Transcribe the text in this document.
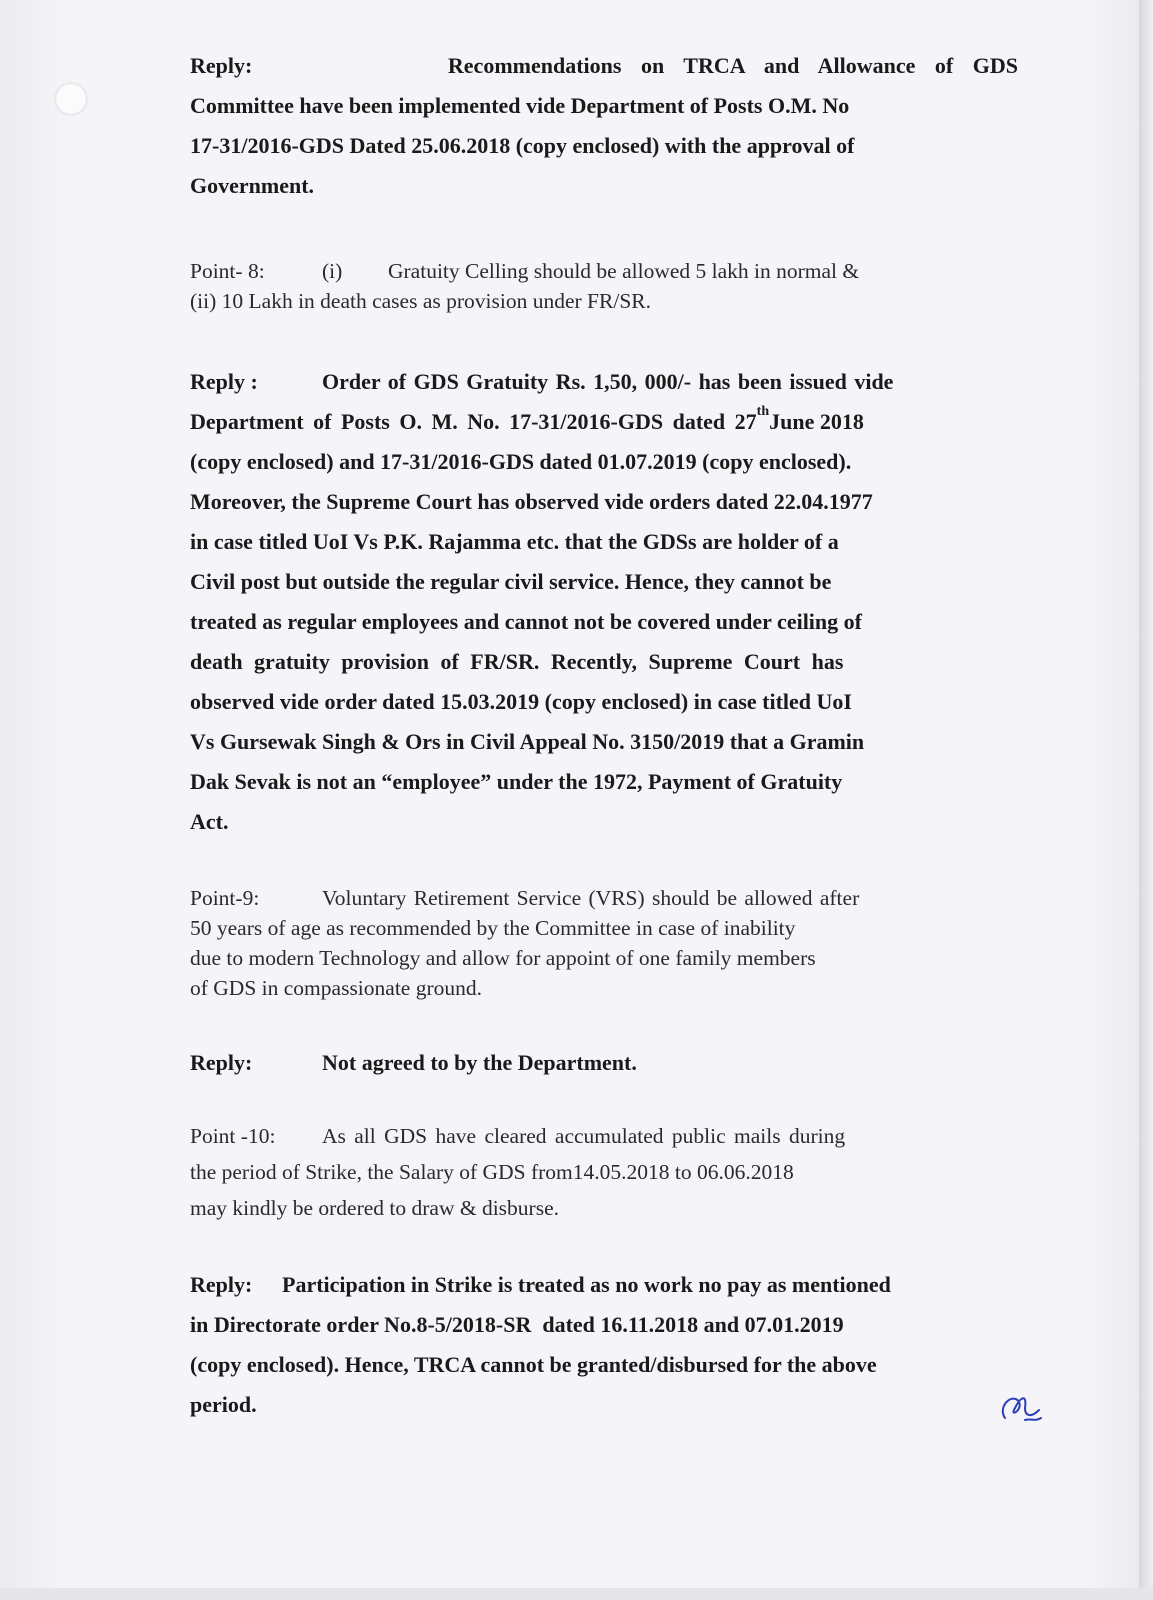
Reply:	Recommendations on TRCA and Allowance of GDS
Committee have been implemented vide Department of Posts O.M. No
17-31/2016-GDS Dated 25.06.2018 (copy enclosed) with the approval of
Government.
Point- 8:	(i)	Gratuity Celling should be allowed 5 lakh in normal &
(ii) 10 Lakh in death cases as provision under FR/SR.
Reply :	Order of GDS Gratuity Rs. 1,50, 000/- has been issued vide
Department of Posts O. M. No. 17-31/2016-GDS dated 27 th June 2018
(copy enclosed) and 17-31/2016-GDS dated 01.07.2019 (copy enclosed).
Moreover, the Supreme Court has observed vide orders dated 22.04.1977
in case titled UoI Vs P.K. Rajamma etc. that the GDSs are holder of a
Civil post but outside the regular civil service. Hence, they cannot be
treated as regular employees and cannot not be covered under ceiling of
death gratuity provision of FR/SR. Recently, Supreme Court has
observed vide order dated 15.03.2019 (copy enclosed) in case titled UoI
Vs Gursewak Singh & Ors in Civil Appeal No. 3150/2019 that a Gramin
Dak Sevak is not an “employee” under the 1972, Payment of Gratuity
Act.
Point-9:	Voluntary Retirement Service (VRS) should be allowed after
50 years of age as recommended by the Committee in case of inability
due to modern Technology and allow for appoint of one family members
of GDS in compassionate ground.
Reply:	Not agreed to by the Department.
Point -10:	As all GDS have cleared accumulated public mails during
the period of Strike, the Salary of GDS from14.05.2018 to 06.06.2018
may kindly be ordered to draw & disburse.
Reply:	Participation in Strike is treated as no work no pay as mentioned
in Directorate order No.8-5/2018-SR  dated 16.11.2018 and 07.01.2019
(copy enclosed). Hence, TRCA cannot be granted/disbursed for the above
period.
